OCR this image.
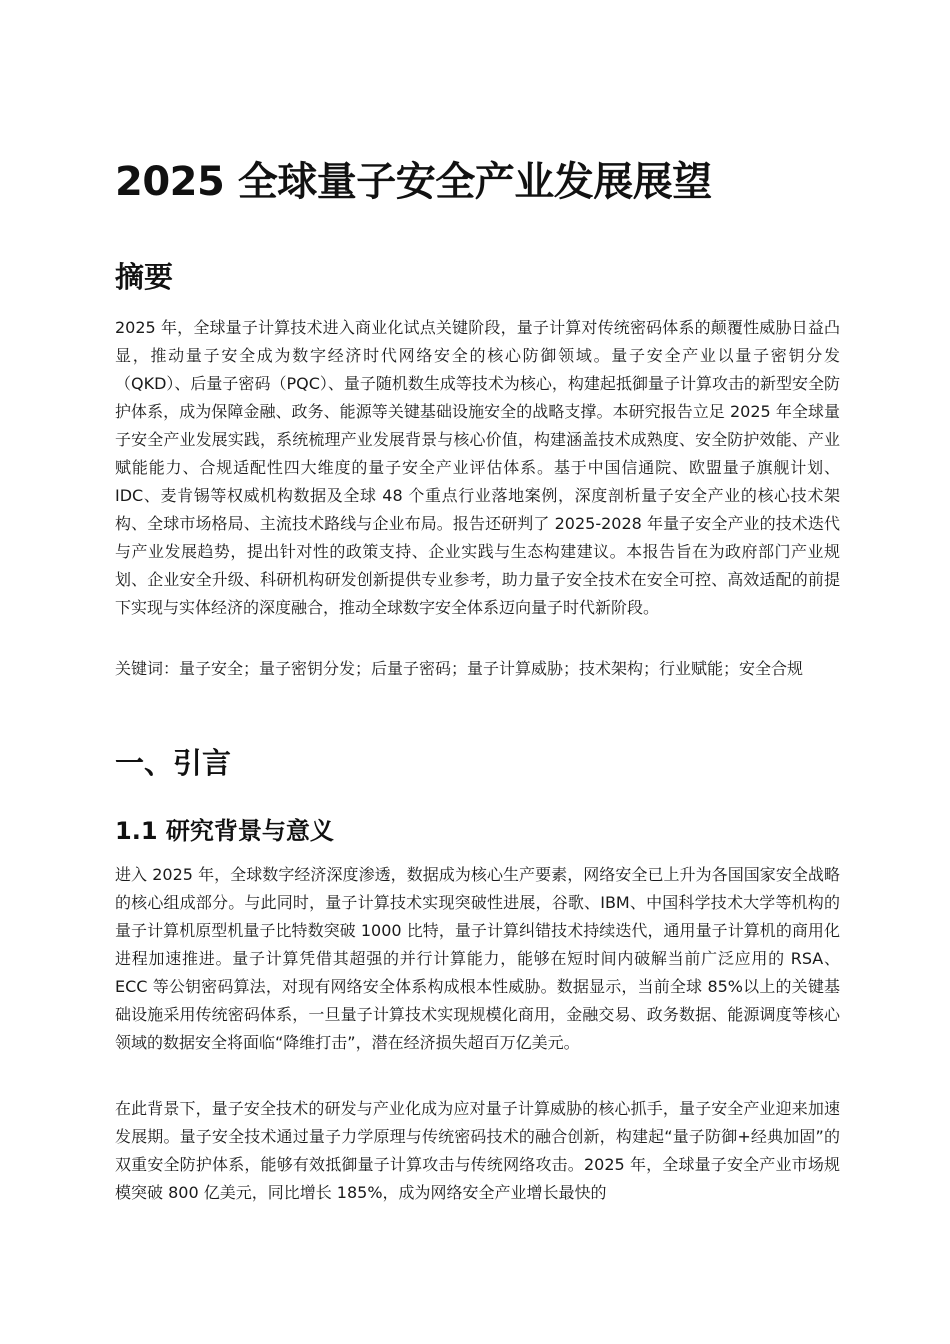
2025 全球量子安全产业发展展望
摘要

2025 年，全球量子计算技术进入商业化试点关键阶段，量子计算对传统密码体系的颠覆性威胁日益凸显，推动量子安全成为数字经济时代网络安全的核心防御领域。量子安全产业以量子密钥分发（QKD）、后量子密码（PQC）、量子随机数生成等技术为核心，构建起抵御量子计算攻击的新型安全防护体系，成为保障金融、政务、能源等关键基础设施安全的战略支撑。本研究报告立足 2025 年全球量子安全产业发展实践，系统梳理产业发展背景与核心价值，构建涵盖技术成熟度、安全防护效能、产业赋能能力、合规适配性四大维度的量子安全产业评估体系。基于中国信通院、欧盟量子旗舰计划、IDC、麦肯锡等权威机构数据及全球 48 个重点行业落地案例，深度剖析量子安全产业的核心技术架构、全球市场格局、主流技术路线与企业布局。报告还研判了 2025-2028 年量子安全产业的技术迭代与产业发展趋势，提出针对性的政策支持、企业实践与生态构建建议。本报告旨在为政府部门产业规划、企业安全升级、科研机构研发创新提供专业参考，助力量子安全技术在安全可控、高效适配的前提下实现与实体经济的深度融合，推动全球数字安全体系迈向量子时代新阶段。

关键词：量子安全；量子密钥分发；后量子密码；量子计算威胁；技术架构；行业赋能；安全合规

一、引言
1.1 研究背景与意义

进入 2025 年，全球数字经济深度渗透，数据成为核心生产要素，网络安全已上升为各国国家安全战略的核心组成部分。与此同时，量子计算技术实现突破性进展，谷歌、IBM、中国科学技术大学等机构的量子计算机原型机量子比特数突破 1000 比特，量子计算纠错技术持续迭代，通用量子计算机的商用化进程加速推进。量子计算凭借其超强的并行计算能力，能够在短时间内破解当前广泛应用的 RSA、ECC 等公钥密码算法，对现有网络安全体系构成根本性威胁。数据显示，当前全球 85%以上的关键基础设施采用传统密码体系，一旦量子计算技术实现规模化商用，金融交易、政务数据、能源调度等核心领域的数据安全将面临“降维打击”，潜在经济损失超百万亿美元。

在此背景下，量子安全技术的研发与产业化成为应对量子计算威胁的核心抓手，量子安全产业迎来加速发展期。量子安全技术通过量子力学原理与传统密码技术的融合创新，构建起“量子防御+经典加固”的双重安全防护体系，能够有效抵御量子计算攻击与传统网络攻击。2025 年，全球量子安全产业市场规模突破 800 亿美元，同比增长 185%，成为网络安全产业增长最快的
